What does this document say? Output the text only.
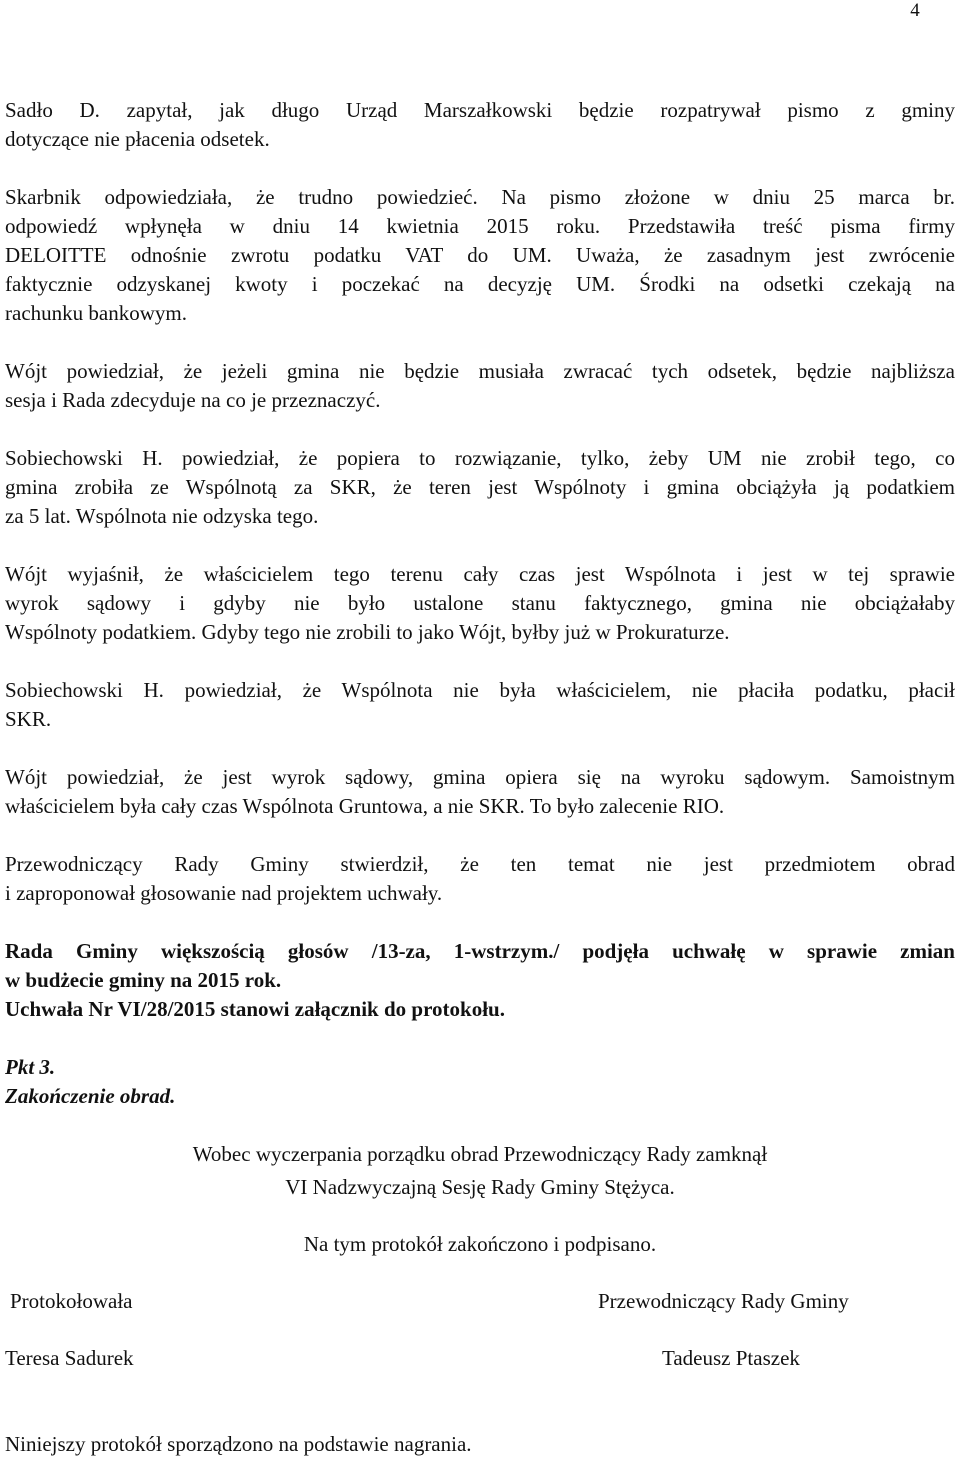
4

Sadło D. zapytał, jak długo Urząd Marszałkowski będzie rozpatrywał pismo z gminy
dotyczące nie płacenia odsetek.

Skarbnik odpowiedziała, że trudno powiedzieć. Na pismo złożone w dniu 25 marca br.
odpowiedź wpłynęła w dniu 14 kwietnia 2015 roku. Przedstawiła treść pisma firmy
DELOITTE odnośnie zwrotu podatku VAT do UM. Uważa, że zasadnym jest zwrócenie
faktycznie odzyskanej kwoty i poczekać na decyzję UM. Środki na odsetki czekają na
rachunku bankowym.

Wójt powiedział, że jeżeli gmina nie będzie musiała zwracać tych odsetek, będzie najbliższa
sesja i Rada zdecyduje na co je przeznaczyć.

Sobiechowski H. powiedział, że popiera to rozwiązanie, tylko, żeby UM nie zrobił tego, co
gmina zrobiła ze Wspólnotą za SKR, że teren jest Wspólnoty i gmina obciążyła ją podatkiem
za 5 lat. Wspólnota nie odzyska tego.

Wójt wyjaśnił, że właścicielem tego terenu cały czas jest Wspólnota i jest w tej sprawie
wyrok sądowy i gdyby nie było ustalone stanu faktycznego, gmina nie obciążałaby
Wspólnoty podatkiem. Gdyby tego nie zrobili to jako Wójt, byłby już w Prokuraturze.

Sobiechowski H. powiedział, że Wspólnota nie była właścicielem, nie płaciła podatku, płacił
SKR.

Wójt powiedział, że jest wyrok sądowy, gmina opiera się na wyroku sądowym. Samoistnym
właścicielem była cały czas Wspólnota Gruntowa, a nie SKR. To było zalecenie RIO.

Przewodniczący Rady Gminy stwierdził, że ten temat nie jest przedmiotem obrad
i zaproponował głosowanie nad projektem uchwały.

Rada Gminy większością głosów /13-za, 1-wstrzym./ podjęła uchwałę w sprawie zmian
w budżecie gminy na 2015 rok.
Uchwała Nr VI/28/2015 stanowi załącznik do protokołu.

Pkt 3.
Zakończenie obrad.

Wobec wyczerpania porządku obrad Przewodniczący Rady zamknął
VI Nadzwyczajną Sesję Rady Gminy Stężyca.
Na tym protokół zakończono i podpisano.
Protokołowała	Przewodniczący Rady Gminy
Teresa Sadurek	Tadeusz Ptaszek
Niniejszy protokół sporządzono na podstawie nagrania.
